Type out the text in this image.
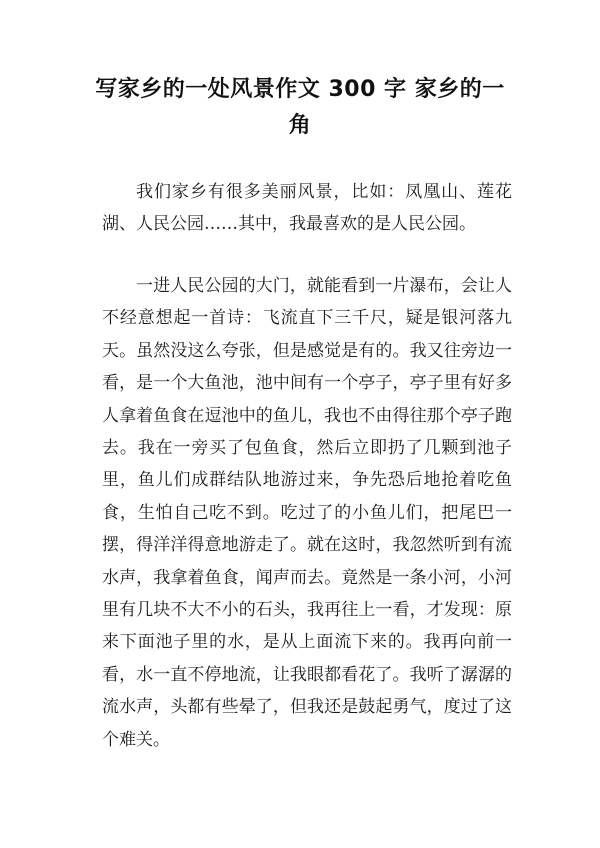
写家乡的一处风景作文 300 字 家乡的一角

我们家乡有很多美丽风景，比如：凤凰山、莲花湖、人民公园……其中，我最喜欢的是人民公园。

一进人民公园的大门，就能看到一片瀑布，会让人不经意想起一首诗：飞流直下三千尺，疑是银河落九天。虽然没这么夸张，但是感觉是有的。我又往旁边一看，是一个大鱼池，池中间有一个亭子，亭子里有好多人拿着鱼食在逗池中的鱼儿，我也不由得往那个亭子跑去。我在一旁买了包鱼食，然后立即扔了几颗到池子里，鱼儿们成群结队地游过来，争先恐后地抢着吃鱼食，生怕自己吃不到。吃过了的小鱼儿们，把尾巴一摆，得洋洋得意地游走了。就在这时，我忽然听到有流水声，我拿着鱼食，闻声而去。竟然是一条小河，小河里有几块不大不小的石头，我再往上一看，才发现：原来下面池子里的水，是从上面流下来的。我再向前一看，水一直不停地流，让我眼都看花了。我听了潺潺的流水声，头都有些晕了，但我还是鼓起勇气，度过了这个难关。
